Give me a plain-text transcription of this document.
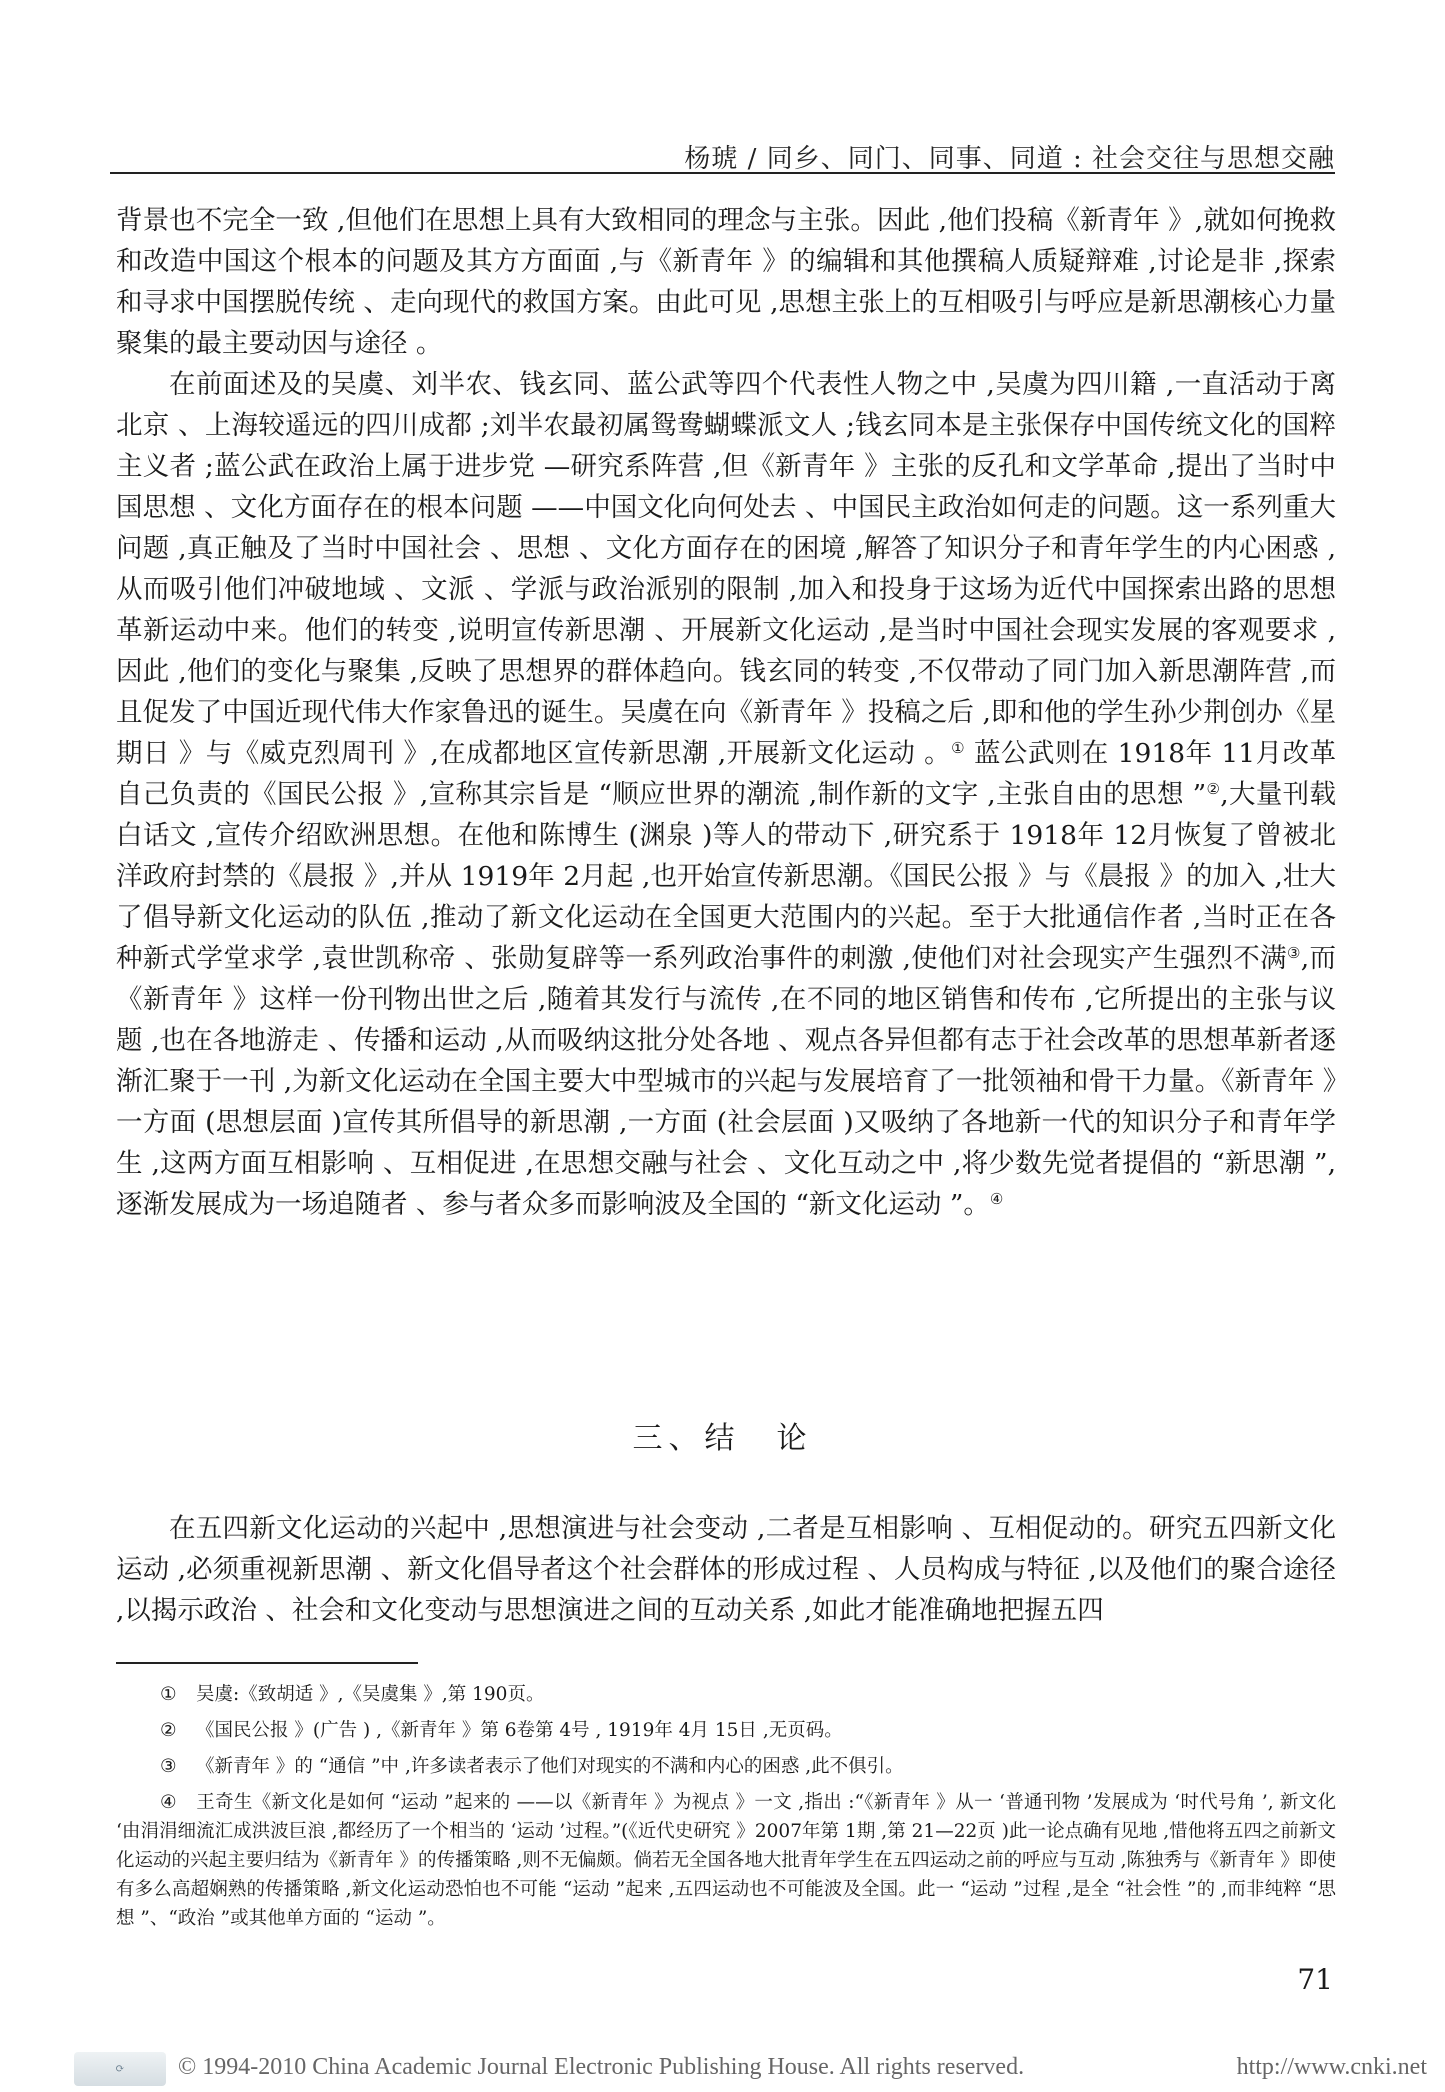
杨琥 / 同乡、同门、同事、同道 : 社会交往与思想交融

背景也不完全一致 ,但他们在思想上具有大致相同的理念与主张。因此 ,他们投稿《新青年 》,就如何挽救和改造中国这个根本的问题及其方方面面 ,与《新青年 》的编辑和其他撰稿人质疑辩难 ,讨论是非 ,探索和寻求中国摆脱传统 、走向现代的救国方案。由此可见 ,思想主张上的互相吸引与呼应是新思潮核心力量聚集的最主要动因与途径 。

在前面述及的吴虞、刘半农、钱玄同、蓝公武等四个代表性人物之中 ,吴虞为四川籍 ,一直活动于离北京 、上海较遥远的四川成都 ;刘半农最初属鸳鸯蝴蝶派文人 ;钱玄同本是主张保存中国传统文化的国粹主义者 ;蓝公武在政治上属于进步党 —研究系阵营 ,但《新青年 》主张的反孔和文学革命 ,提出了当时中国思想 、文化方面存在的根本问题 ——中国文化向何处去 、中国民主政治如何走的问题。这一系列重大问题 ,真正触及了当时中国社会 、思想 、文化方面存在的困境 ,解答了知识分子和青年学生的内心困惑 ,从而吸引他们冲破地域 、文派 、学派与政治派别的限制 ,加入和投身于这场为近代中国探索出路的思想革新运动中来。他们的转变 ,说明宣传新思潮 、开展新文化运动 ,是当时中国社会现实发展的客观要求 ,因此 ,他们的变化与聚集 ,反映了思想界的群体趋向。钱玄同的转变 ,不仅带动了同门加入新思潮阵营 ,而且促发了中国近现代伟大作家鲁迅的诞生。吴虞在向《新青年 》投稿之后 ,即和他的学生孙少荆创办《星期日 》与《威克烈周刊 》,在成都地区宣传新思潮 ,开展新文化运动 。① 蓝公武则在 1918年 11月改革自己负责的《国民公报 》,宣称其宗旨是 “顺应世界的潮流 ,制作新的文字 ,主张自由的思想 ”②,大量刊载白话文 ,宣传介绍欧洲思想。在他和陈博生 (渊泉 )等人的带动下 ,研究系于 1918年 12月恢复了曾被北洋政府封禁的《晨报 》,并从 1919年 2月起 ,也开始宣传新思潮。《国民公报 》与《晨报 》的加入 ,壮大了倡导新文化运动的队伍 ,推动了新文化运动在全国更大范围内的兴起。至于大批通信作者 ,当时正在各种新式学堂求学 ,袁世凯称帝 、张勋复辟等一系列政治事件的刺激 ,使他们对社会现实产生强烈不满③,而《新青年 》这样一份刊物出世之后 ,随着其发行与流传 ,在不同的地区销售和传布 ,它所提出的主张与议题 ,也在各地游走 、传播和运动 ,从而吸纳这批分处各地 、观点各异但都有志于社会改革的思想革新者逐渐汇聚于一刊 ,为新文化运动在全国主要大中型城市的兴起与发展培育了一批领袖和骨干力量。《新青年 》一方面 (思想层面 )宣传其所倡导的新思潮 ,一方面 (社会层面 )又吸纳了各地新一代的知识分子和青年学生 ,这两方面互相影响 、互相促进 ,在思想交融与社会 、文化互动之中 ,将少数先觉者提倡的 “新思潮 ”,逐渐发展成为一场追随者 、参与者众多而影响波及全国的 “新文化运动 ”。④

三、结　论

在五四新文化运动的兴起中 ,思想演进与社会变动 ,二者是互相影响 、互相促动的。研究五四新文化运动 ,必须重视新思潮 、新文化倡导者这个社会群体的形成过程 、人员构成与特征 ,以及他们的聚合途径 ,以揭示政治 、社会和文化变动与思想演进之间的互动关系 ,如此才能准确地把握五四

① 吴虞:《致胡适 》,《吴虞集 》,第 190页。

② 《国民公报 》(广告 ) ,《新青年 》第 6卷第 4号 , 1919年 4月 15日 ,无页码。

③ 《新青年 》的 “通信 ”中 ,许多读者表示了他们对现实的不满和内心的困惑 ,此不俱引。

④ 王奇生《新文化是如何 “运动 ”起来的 ——以《新青年 》为视点 》一文 ,指出 :“《新青年 》从一 ‘普通刊物 ’发展成为 ‘时代号角 ’, 新文化 ‘由涓涓细流汇成洪波巨浪 ,都经历了一个相当的 ‘运动 ’过程。”(《近代史研究 》2007年第 1期 ,第 21—22页 )此一论点确有见地 ,惜他将五四之前新文化运动的兴起主要归结为《新青年 》的传播策略 ,则不无偏颇。倘若无全国各地大批青年学生在五四运动之前的呼应与互动 ,陈独秀与《新青年 》即使有多么高超娴熟的传播策略 ,新文化运动恐怕也不可能 “运动 ”起来 ,五四运动也不可能波及全国。此一 “运动 ”过程 ,是全 “社会性 ”的 ,而非纯粹 “思想 ”、“政治 ”或其他单方面的 “运动 ”。

71
⟳	© 1994-2010 China Academic Journal Electronic Publishing House. All rights reserved.	http://www.cnki.net
